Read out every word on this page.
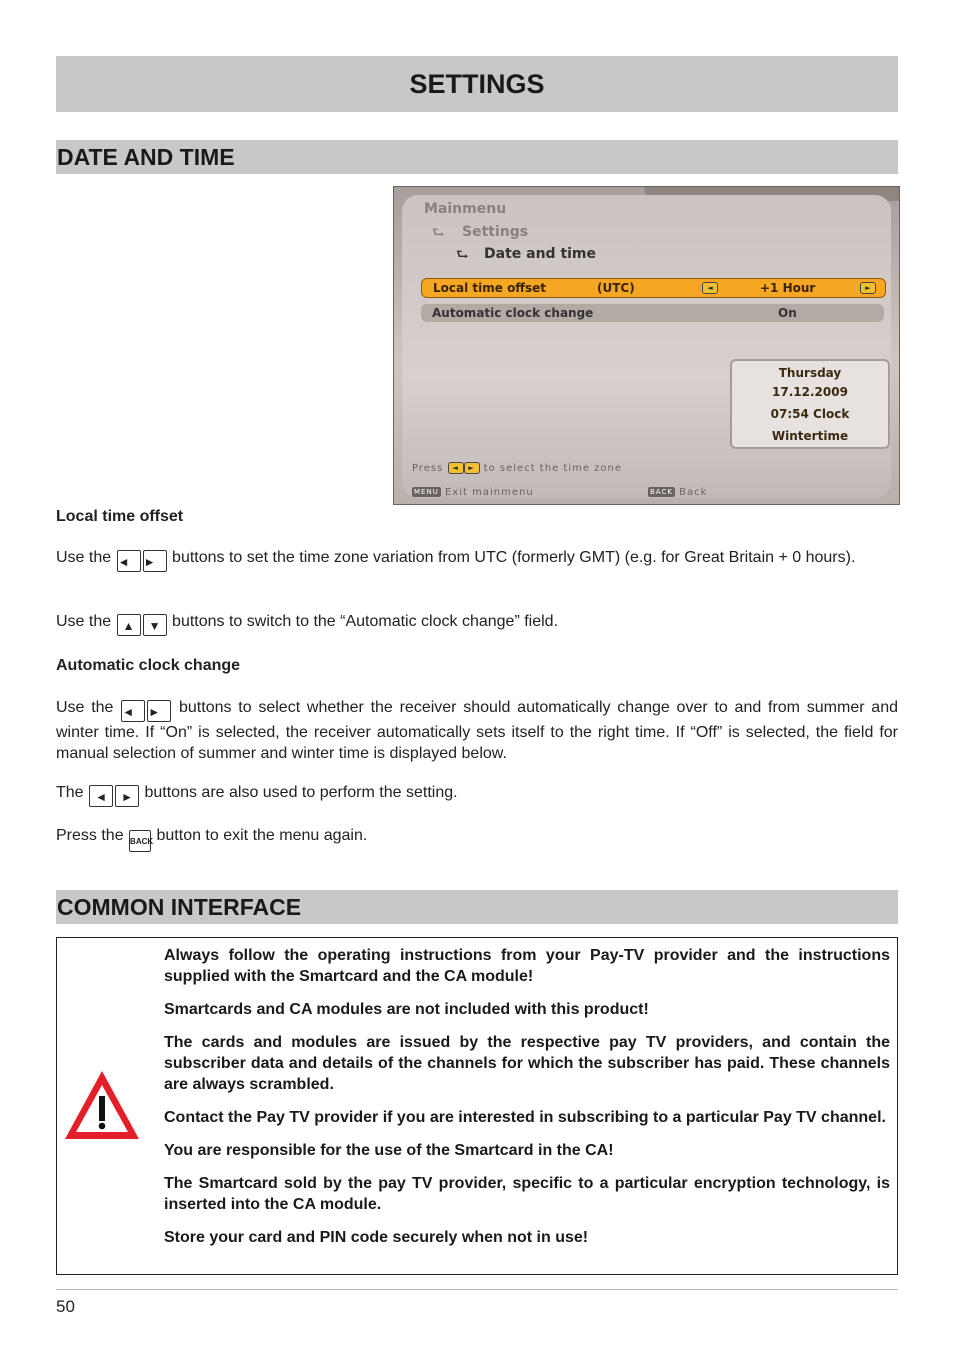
SETTINGS
DATE AND TIME
Mainmenu
⮑ Settings
⮑ Date and time
Local time offset	(UTC)	◄	+1 Hour	►
Automatic clock change	On
Thursday
17.12.2009
07:54 Clock
Wintertime
Press ◄ ► to select the time zone
MENU Exit mainmenu	BACK Back

Local time offset

Use the ◄ ► buttons to set the time zone variation from UTC (formerly GMT) (e.g. for Great Britain + 0 hours).

Use the ▲ ▼ buttons to switch to the “Automatic clock change” field.

Automatic clock change

Use the ◄ ► buttons to select whether the receiver should automatically change over to and from summer and winter time. If “On” is selected, the receiver automatically sets itself to the right time. If “Off” is selected, the field for manual selection of summer and winter time is displayed below.

The ◄ ► buttons are also used to perform the setting.

Press the BACK button to exit the menu again.

COMMON INTERFACE

Always follow the operating instructions from your Pay-TV provider and the instructions supplied with the Smartcard and the CA module!

Smartcards and CA modules are not included with this product!

The cards and modules are issued by the respective pay TV providers, and contain the subscriber data and details of the channels for which the subscriber has paid. These channels are always scrambled.

Contact the Pay TV provider if you are interested in subscribing to a particular Pay TV channel.

You are responsible for the use of the Smartcard in the CA!

The Smartcard sold by the pay TV provider, specific to a particular encryption technology, is inserted into the CA module.

Store your card and PIN code securely when not in use!

50
